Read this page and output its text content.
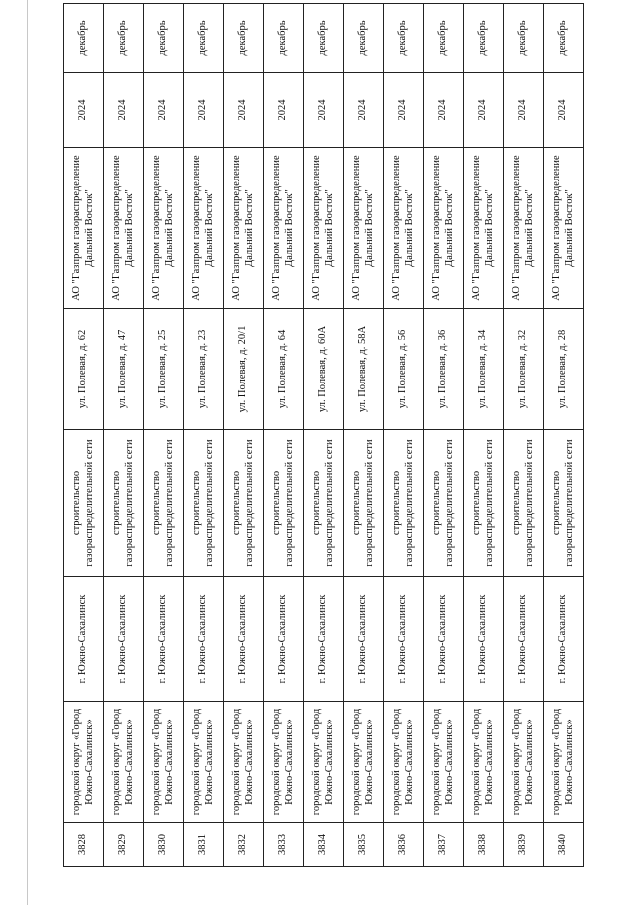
3828	городской округ «Город Южно-Сахалинск»	г. Южно-Сахалинск	строительство газораспределительной сети	ул. Полевая, д. 62	АО "Газпром газораспределение Дальний Восток"	2024	декабрь
3829	городской округ «Город Южно-Сахалинск»	г. Южно-Сахалинск	строительство газораспределительной сети	ул. Полевая, д. 47	АО "Газпром газораспределение Дальний Восток"	2024	декабрь
3830	городской округ «Город Южно-Сахалинск»	г. Южно-Сахалинск	строительство газораспределительной сети	ул. Полевая, д. 25	АО "Газпром газораспределение Дальний Восток"	2024	декабрь
3831	городской округ «Город Южно-Сахалинск»	г. Южно-Сахалинск	строительство газораспределительной сети	ул. Полевая, д. 23	АО "Газпром газораспределение Дальний Восток"	2024	декабрь
3832	городской округ «Город Южно-Сахалинск»	г. Южно-Сахалинск	строительство газораспределительной сети	ул. Полевая, д. 20/1	АО "Газпром газораспределение Дальний Восток"	2024	декабрь
3833	городской округ «Город Южно-Сахалинск»	г. Южно-Сахалинск	строительство газораспределительной сети	ул. Полевая, д. 64	АО "Газпром газораспределение Дальний Восток"	2024	декабрь
3834	городской округ «Город Южно-Сахалинск»	г. Южно-Сахалинск	строительство газораспределительной сети	ул. Полевая, д. 60А	АО "Газпром газораспределение Дальний Восток"	2024	декабрь
3835	городской округ «Город Южно-Сахалинск»	г. Южно-Сахалинск	строительство газораспределительной сети	ул. Полевая, д. 58А	АО "Газпром газораспределение Дальний Восток"	2024	декабрь
3836	городской округ «Город Южно-Сахалинск»	г. Южно-Сахалинск	строительство газораспределительной сети	ул. Полевая, д. 56	АО "Газпром газораспределение Дальний Восток"	2024	декабрь
3837	городской округ «Город Южно-Сахалинск»	г. Южно-Сахалинск	строительство газораспределительной сети	ул. Полевая, д. 36	АО "Газпром газораспределение Дальний Восток"	2024	декабрь
3838	городской округ «Город Южно-Сахалинск»	г. Южно-Сахалинск	строительство газораспределительной сети	ул. Полевая, д. 34	АО "Газпром газораспределение Дальний Восток"	2024	декабрь
3839	городской округ «Город Южно-Сахалинск»	г. Южно-Сахалинск	строительство газораспределительной сети	ул. Полевая, д. 32	АО "Газпром газораспределение Дальний Восток"	2024	декабрь
3840	городской округ «Город Южно-Сахалинск»	г. Южно-Сахалинск	строительство газораспределительной сети	ул. Полевая, д. 28	АО "Газпром газораспределение Дальний Восток"	2024	декабрь
